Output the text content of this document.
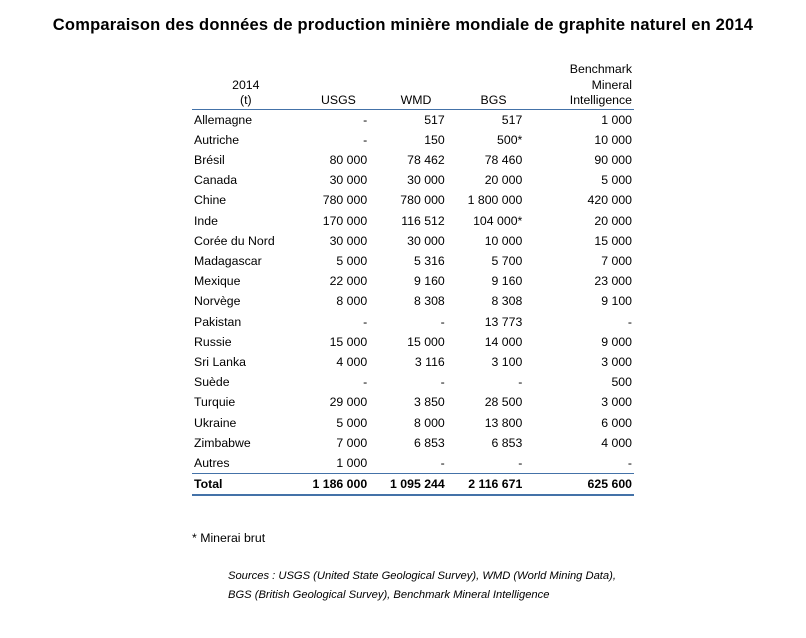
Comparaison des données de production minière mondiale de graphite naturel en 2014
2014
(t)	USGS	WMD	BGS	Benchmark
Mineral
Intelligence

Allemagne	-	517	517	1 000
Autriche	-	150	500*	10 000
Brésil	80 000	78 462	78 460	90 000
Canada	30 000	30 000	20 000	5 000
Chine	780 000	780 000	1 800 000	420 000
Inde	170 000	116 512	104 000*	20 000
Corée du Nord	30 000	30 000	10 000	15 000
Madagascar	5 000	5 316	5 700	7 000
Mexique	22 000	9 160	9 160	23 000
Norvège	8 000	8 308	8 308	9 100
Pakistan	-	-	13 773	-
Russie	15 000	15 000	14 000	9 000
Sri Lanka	4 000	3 116	3 100	3 000
Suède	-	-	-	500
Turquie	29 000	3 850	28 500	3 000
Ukraine	5 000	8 000	13 800	6 000
Zimbabwe	7 000	6 853	6 853	4 000
Autres	1 000	-	-	-
Total	1 186 000	1 095 244	2 116 671	625 600
* Minerai brut
Sources : USGS (United State Geological Survey), WMD (World Mining Data), BGS (British Geological Survey), Benchmark Mineral Intelligence
